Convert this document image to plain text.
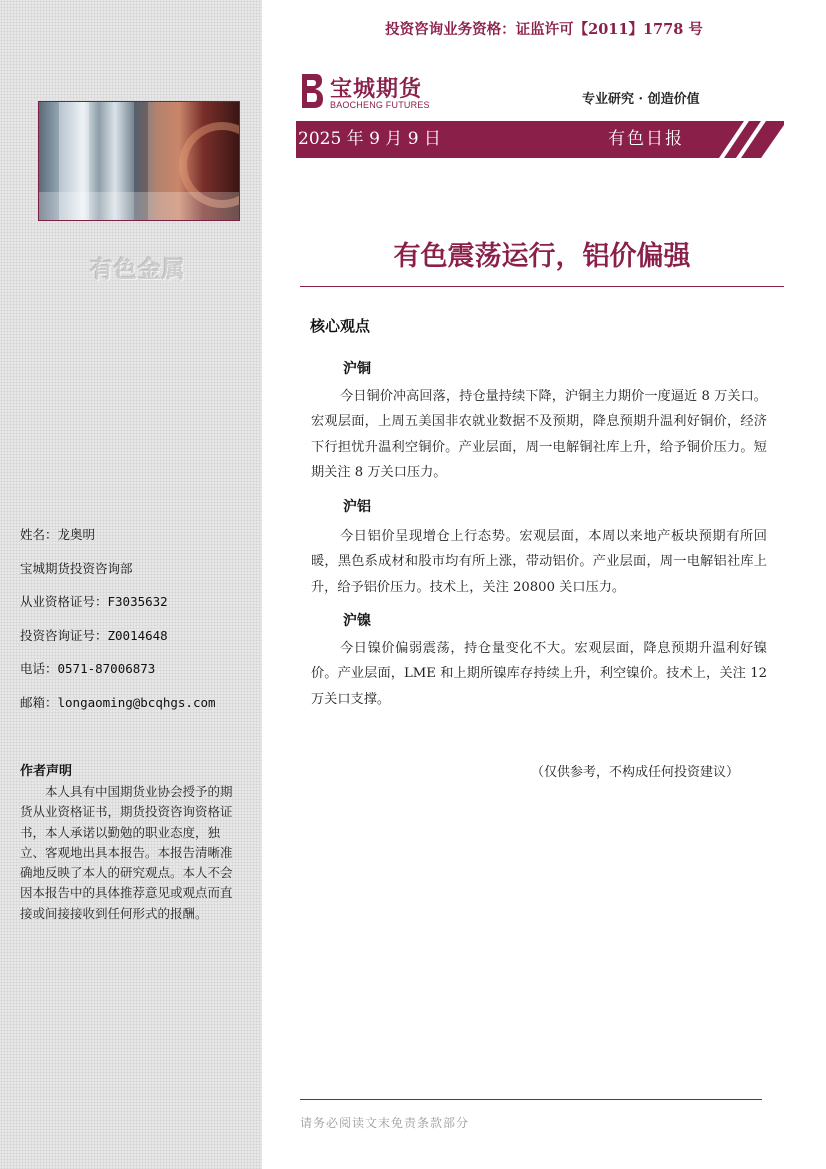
有色金属
姓名：龙奥明
宝城期货投资咨询部
从业资格证号：F3035632
投资咨询证号：Z0014648
电话：0571-87006873
邮箱：longaoming@bcqhgs.com
作者声明
本人具有中国期货业协会授予的期货从业资格证书，期货投资咨询资格证书，本人承诺以勤勉的职业态度，独立、客观地出具本报告。本报告清晰准确地反映了本人的研究观点。本人不会因本报告中的具体推荐意见或观点而直接或间接接收到任何形式的报酬。
投资咨询业务资格：证监许可【2011】1778 号
宝城期货
BAOCHENG FUTURES	专业研究 · 创造价值
2025 年 9 月 9 日	有色日报
有色震荡运行，铝价偏强
核心观点
沪铜
今日铜价冲高回落，持仓量持续下降，沪铜主力期价一度逼近 8 万关口。宏观层面，上周五美国非农就业数据不及预期，降息预期升温利好铜价，经济下行担忧升温利空铜价。产业层面，周一电解铜社库上升，给予铜价压力。短期关注 8 万关口压力。
沪铝
今日铝价呈现增仓上行态势。宏观层面，本周以来地产板块预期有所回暖，黑色系成材和股市均有所上涨，带动铝价。产业层面，周一电解铝社库上升，给予铝价压力。技术上，关注 20800 关口压力。
沪镍
今日镍价偏弱震荡，持仓量变化不大。宏观层面，降息预期升温利好镍价。产业层面，LME 和上期所镍库存持续上升，利空镍价。技术上，关注 12 万关口支撑。
（仅供参考，不构成任何投资建议）
请务必阅读文末免责条款部分
